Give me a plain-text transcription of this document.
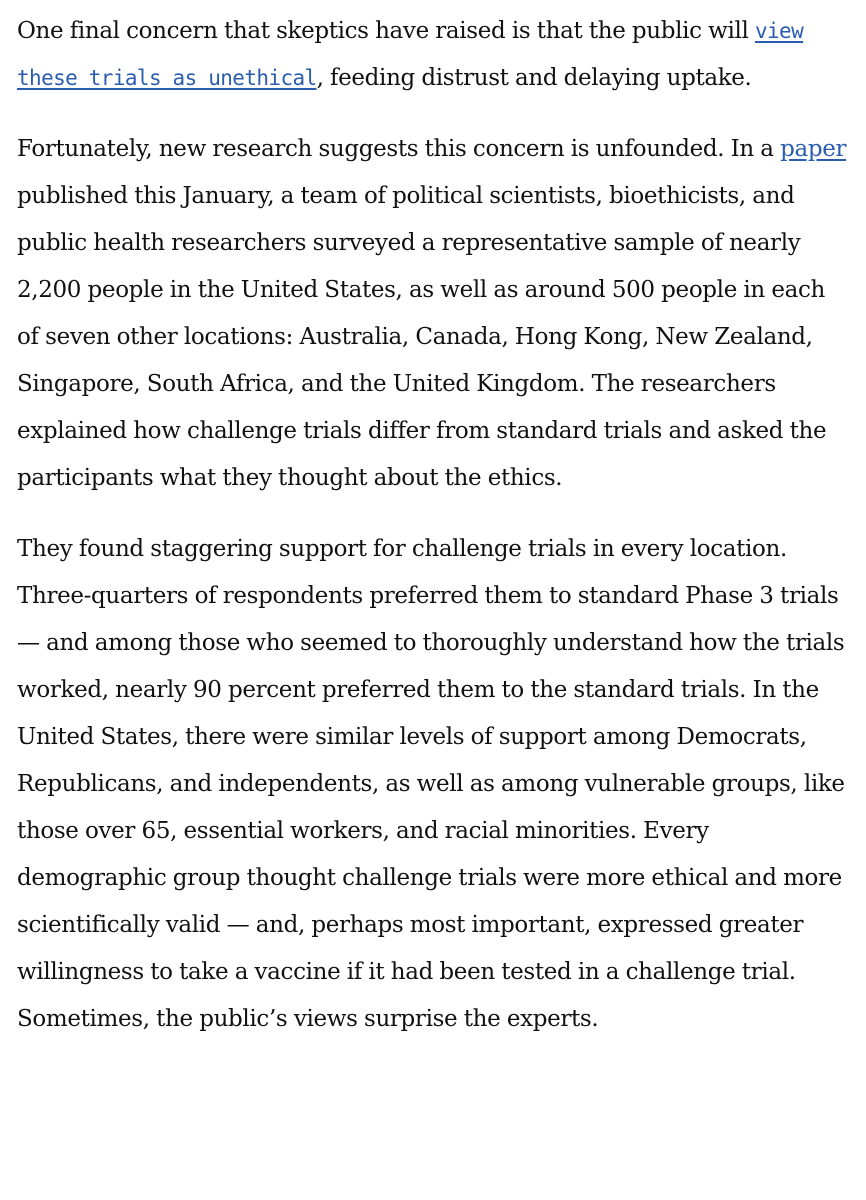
One final concern that skeptics have raised is that the public will view these trials as unethical, feeding distrust and delaying uptake.

Fortunately, new research suggests this concern is unfounded. In a paper published this January, a team of political scientists, bioethicists, and public health researchers surveyed a representative sample of nearly 2,200 people in the United States, as well as around 500 people in each of seven other locations: Australia, Canada, Hong Kong, New Zealand, Singapore, South Africa, and the United Kingdom. The researchers explained how challenge trials differ from standard trials and asked the participants what they thought about the ethics.

They found staggering support for challenge trials in every location. Three-quarters of respondents preferred them to standard Phase 3 trials — and among those who seemed to thoroughly understand how the trials worked, nearly 90 percent preferred them to the standard trials. In the United States, there were similar levels of support among Democrats, Republicans, and independents, as well as among vulnerable groups, like those over 65, essential workers, and racial minorities. Every demographic group thought challenge trials were more ethical and more scientifically valid — and, perhaps most important, expressed greater willingness to take a vaccine if it had been tested in a challenge trial. Sometimes, the public’s views surprise the experts.
